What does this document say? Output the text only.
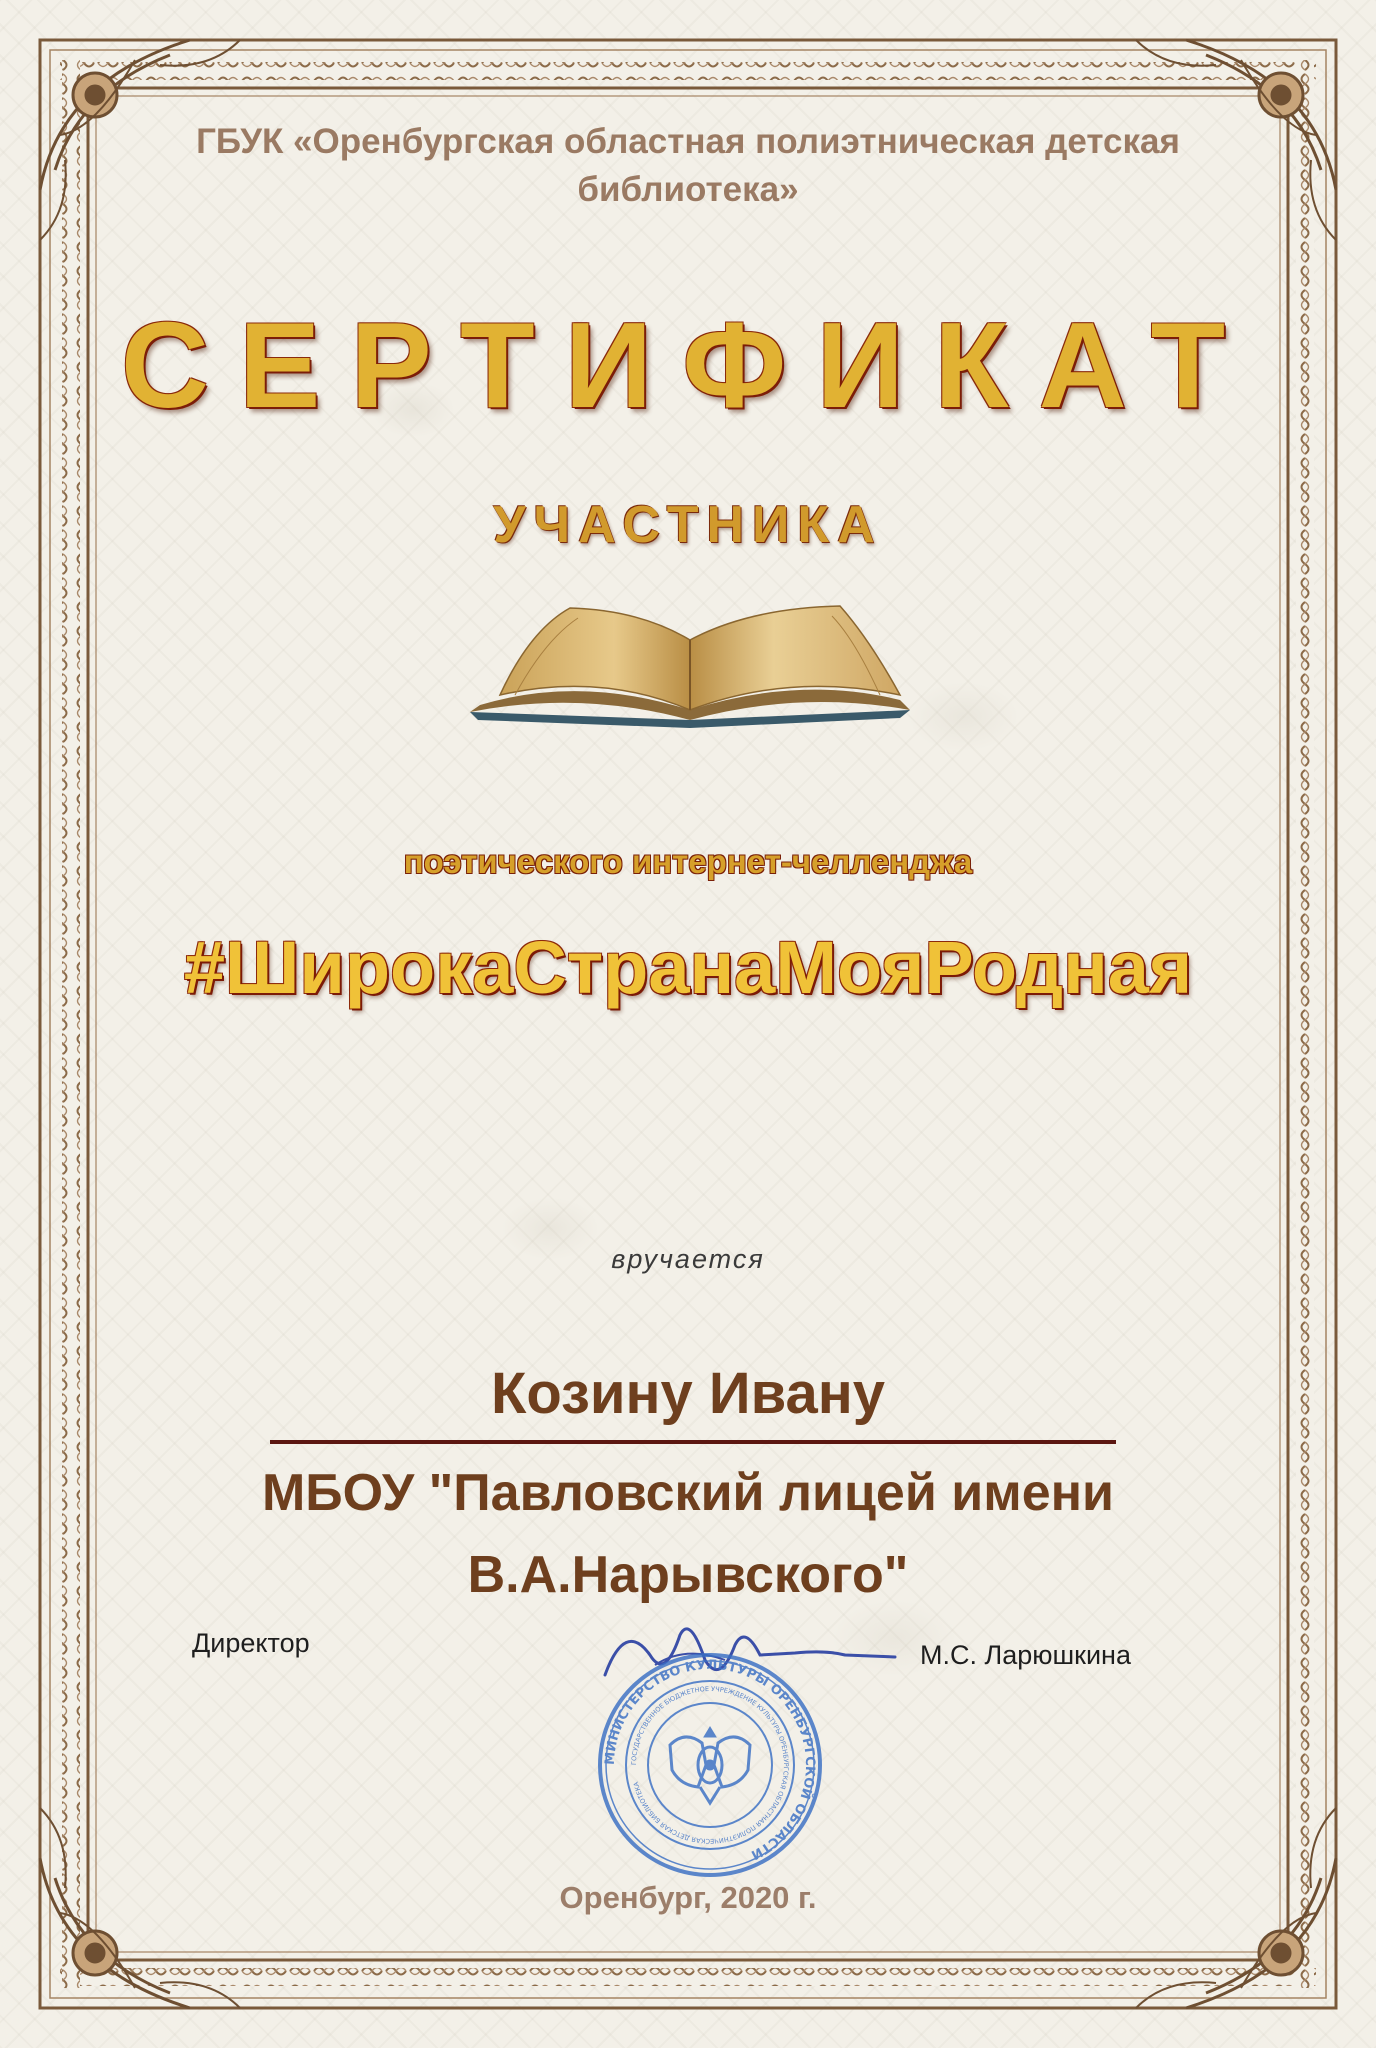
ГБУК «Оренбургская областная полиэтническая детская библиотека»
СЕРТИФИКАТ
УЧАСТНИКА
поэтического интернет-челленджа
#ШирокаСтранаМояРодная
вручается
Козину Ивану
МБОУ "Павловский лицей имени
В.А.Нарывского"
Директор	М.С. Ларюшкина
МИНИСТЕРСТВО КУЛЬТУРЫ ОРЕНБУРГСКОЙ ОБЛАСТИ
ГОСУДАРСТВЕННОЕ БЮДЖЕТНОЕ УЧРЕЖДЕНИЕ КУЛЬТУРЫ ОРЕНБУРГСКАЯ ОБЛАСТНАЯ ПОЛИЭТНИЧЕСКАЯ ДЕТСКАЯ БИБЛИОТЕКА
Оренбург, 2020 г.
